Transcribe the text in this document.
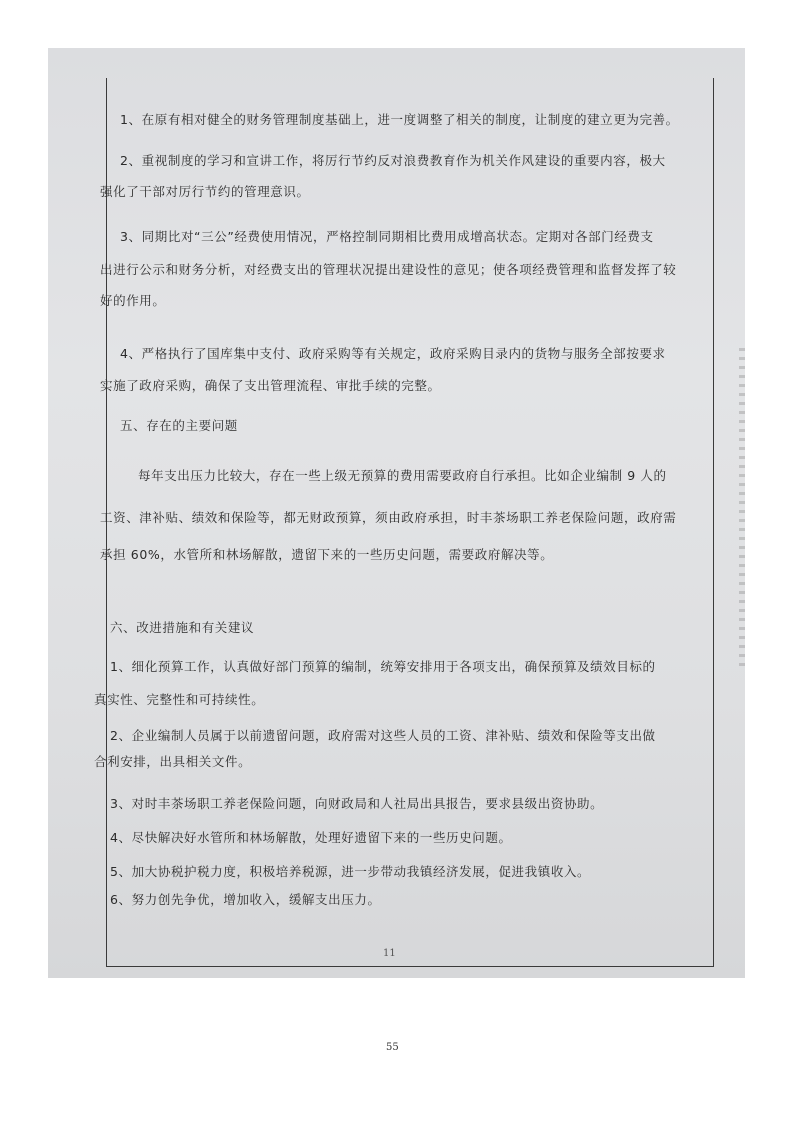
1、在原有相对健全的财务管理制度基础上，进一度调整了相关的制度，让制度的建立更为完善。
2、重视制度的学习和宣讲工作，将厉行节约反对浪费教育作为机关作风建设的重要内容，极大
强化了干部对厉行节约的管理意识。
3、同期比对“三公”经费使用情况，严格控制同期相比费用成增高状态。定期对各部门经费支
出进行公示和财务分析，对经费支出的管理状况提出建设性的意见；使各项经费管理和监督发挥了较
好的作用。
4、严格执行了国库集中支付、政府采购等有关规定，政府采购目录内的货物与服务全部按要求
实施了政府采购，确保了支出管理流程、审批手续的完整。
五、存在的主要问题
每年支出压力比较大，存在一些上级无预算的费用需要政府自行承担。比如企业编制 9 人的
工资、津补贴、绩效和保险等，都无财政预算，须由政府承担，时丰茶场职工养老保险问题，政府需
承担 60%，水管所和林场解散，遗留下来的一些历史问题，需要政府解决等。
六、改进措施和有关建议
1、细化预算工作，认真做好部门预算的编制，统筹安排用于各项支出，确保预算及绩效目标的
真实性、完整性和可持续性。
2、企业编制人员属于以前遗留问题，政府需对这些人员的工资、津补贴、绩效和保险等支出做
合利安排，出具相关文件。
3、对时丰茶场职工养老保险问题，向财政局和人社局出具报告，要求县级出资协助。
4、尽快解决好水管所和林场解散，处理好遗留下来的一些历史问题。
5、加大协税护税力度，积极培养税源，进一步带动我镇经济发展，促进我镇收入。
6、努力创先争优，增加收入，缓解支出压力。
11
55
